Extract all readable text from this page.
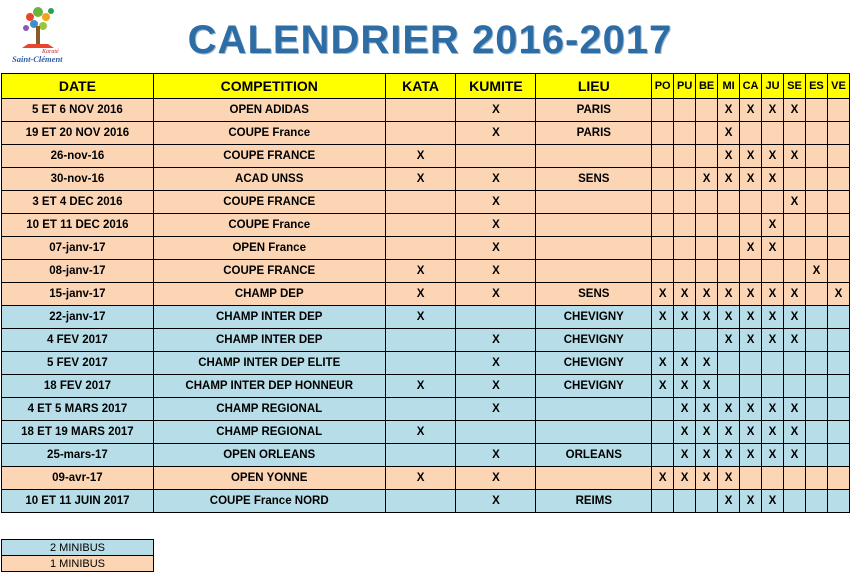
Karaté
Saint-Clément	CALENDRIER 2016-2017
DATE	COMPETITION	KATA	KUMITE	LIEU	PO	PU	BE	MI	CA	JU	SE	ES	VE
5 ET 6 NOV 2016	OPEN ADIDAS		X	PARIS				X	X	X	X		
19 ET 20 NOV 2016	COUPE France		X	PARIS				X					
26-nov-16	COUPE FRANCE	X						X	X	X	X		
30-nov-16	ACAD UNSS	X	X	SENS			X	X	X	X			
3 ET 4 DEC 2016	COUPE FRANCE		X								X		
10 ET 11 DEC 2016	COUPE France		X							X			
07-janv-17	OPEN France		X						X	X			
08-janv-17	COUPE FRANCE	X	X									X	
15-janv-17	CHAMP DEP	X	X	SENS	X	X	X	X	X	X	X		X
22-janv-17	CHAMP INTER DEP	X		CHEVIGNY	X	X	X	X	X	X	X		
4 FEV 2017	CHAMP INTER DEP		X	CHEVIGNY				X	X	X	X		
5 FEV 2017	CHAMP INTER DEP ELITE		X	CHEVIGNY	X	X	X						
18 FEV 2017	CHAMP INTER DEP HONNEUR	X	X	CHEVIGNY	X	X	X						
4 ET 5 MARS 2017	CHAMP REGIONAL		X			X	X	X	X	X	X		
18 ET 19 MARS 2017	CHAMP REGIONAL	X				X	X	X	X	X	X		
25-mars-17	OPEN ORLEANS		X	ORLEANS		X	X	X	X	X	X		
09-avr-17	OPEN YONNE	X	X		X	X	X	X					
10 ET 11 JUIN 2017	COUPE France NORD		X	REIMS				X	X	X			
2 MINIBUS
1 MINIBUS
